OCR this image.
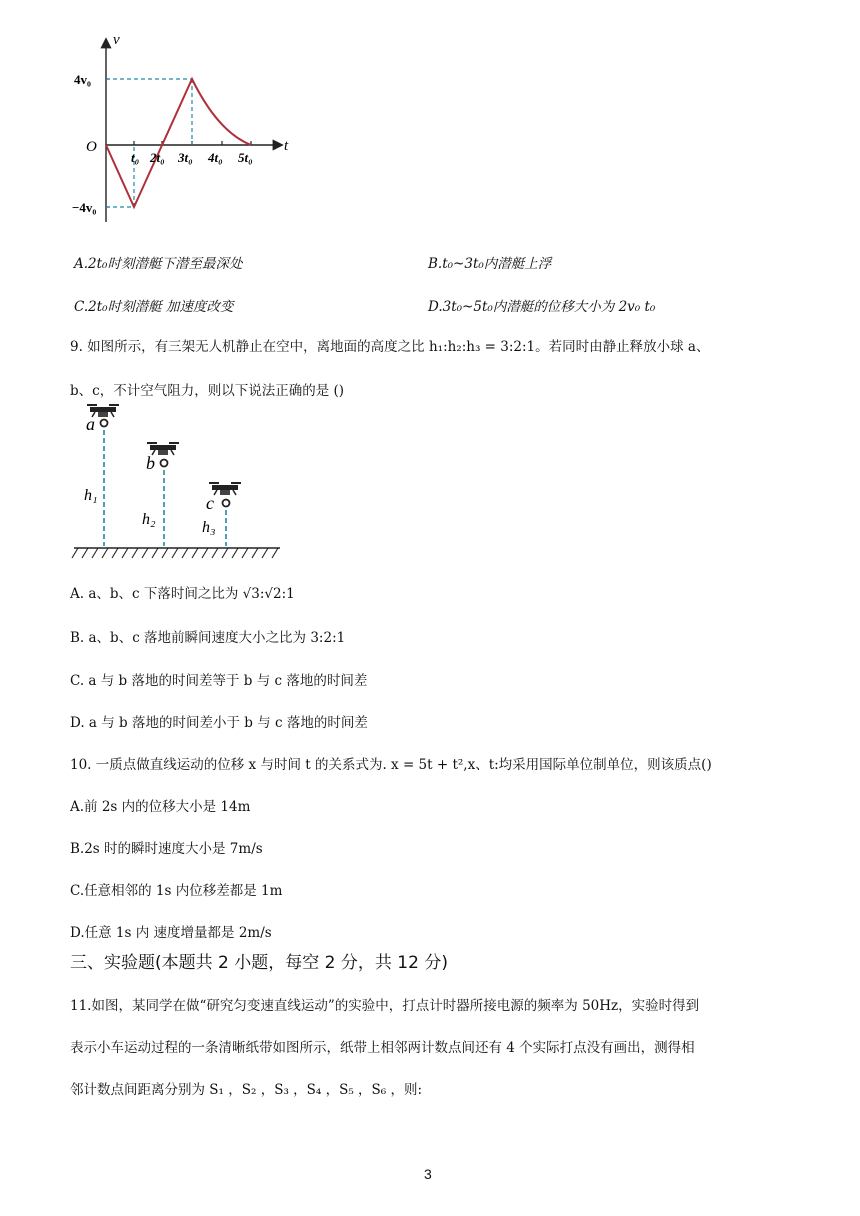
v
t
O
4v₀
−4v₀
t₀ 2t₀ 3t₀ 4t₀ 5t₀
A.2t₀时刻潜艇下潜至最深处	B.t₀~3t₀内潜艇上浮
C.2t₀时刻潜艇 加速度改变	D.3t₀~5t₀内潜艇的位移大小为 2v₀ t₀
9. 如图所示，有三架无人机静止在空中，离地面的高度之比 h₁:h₂:h₃ = 3:2:1。若同时由静止释放小球 a、
b、c，不计空气阻力，则以下说法正确的是 ()
a
b
c
h₁
h₂	h₃
A. a、b、c 下落时间之比为 √3:√2:1
B. a、b、c 落地前瞬间速度大小之比为 3:2:1
C. a 与 b 落地的时间差等于 b 与 c 落地的时间差
D. a 与 b 落地的时间差小于 b 与 c 落地的时间差
10. 一质点做直线运动的位移 x 与时间 t 的关系式为. x = 5t + t²,x、t:均采用国际单位制单位，则该质点()
A.前 2s 内的位移大小是 14m
B.2s 时的瞬时速度大小是 7m/s
C.任意相邻的 1s 内位移差都是 1m
D.任意 1s 内 速度增量都是 2m/s
三、实验题(本题共 2 小题，每空 2 分，共 12 分)
11.如图，某同学在做“研究匀变速直线运动”的实验中，打点计时器所接电源的频率为 50Hz，实验时得到
表示小车运动过程的一条清晰纸带如图所示，纸带上相邻两计数点间还有 4 个实际打点没有画出，测得相
邻计数点间距离分别为 S₁ ，S₂ ，S₃ ，S₄ ，S₅ ，S₆ ，则:
3
